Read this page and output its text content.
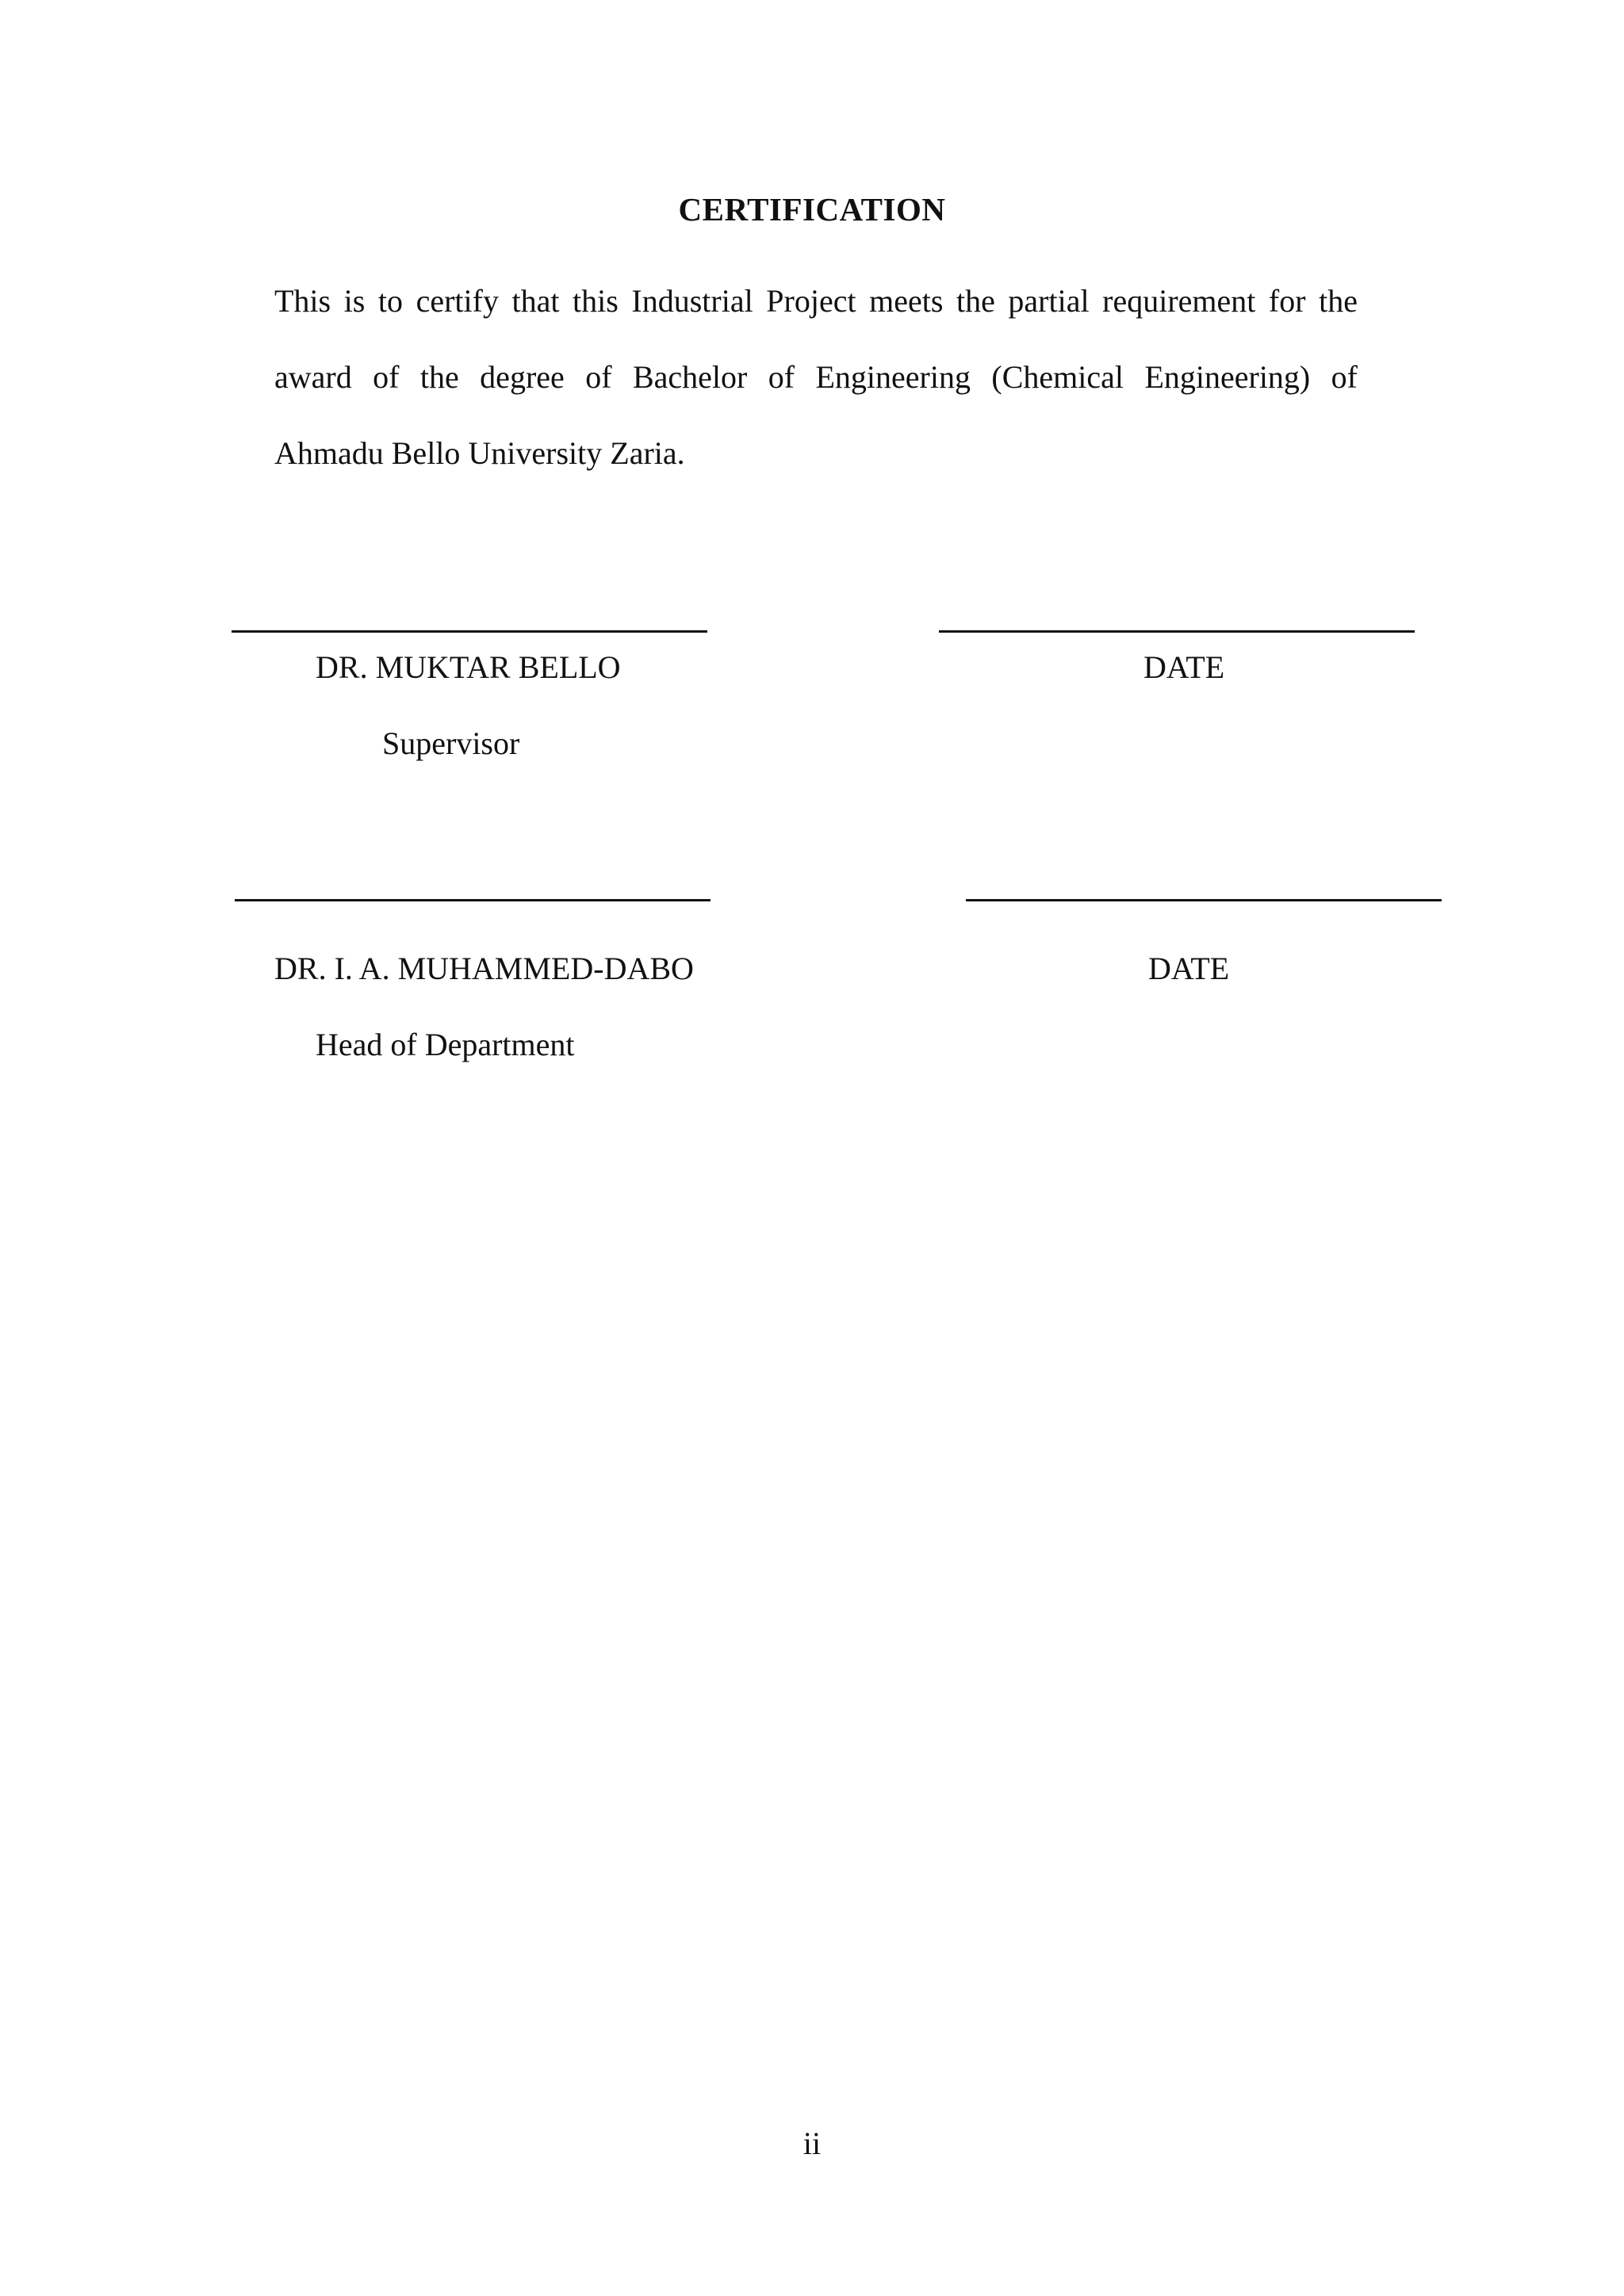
CERTIFICATION
This is to certify that this Industrial Project meets the partial requirement for the
award of the degree of Bachelor of Engineering (Chemical Engineering) of
Ahmadu Bello University Zaria.
DR. MUKTAR BELLO	DATE
Supervisor
DR. I. A. MUHAMMED-DABO	DATE
Head of Department
ii
